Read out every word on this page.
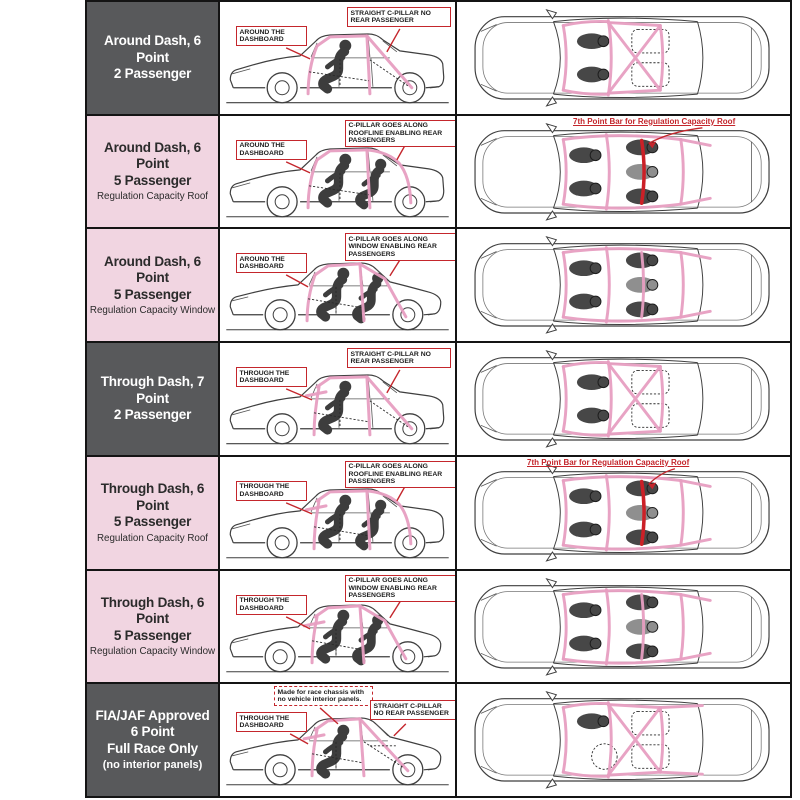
Around Dash, 6 Point
2 Passenger
AROUND THE DASHBOARD
STRAIGHT C-PILLAR NO REAR PASSENGER
Around Dash, 6 Point
5 Passenger
Regulation Capacity Roof
AROUND THE DASHBOARD
C-PILLAR GOES ALONG ROOFLINE ENABLING REAR PASSENGERS
7th Point Bar for Regulation Capacity Roof
Around Dash, 6 Point
5 Passenger
Regulation Capacity Window
AROUND THE DASHBOARD
C-PILLAR GOES ALONG WINDOW ENABLING REAR PASSENGERS
Through Dash, 7 Point
2 Passenger
THROUGH THE DASHBOARD
STRAIGHT C-PILLAR NO REAR PASSENGER
Through Dash, 6 Point
5 Passenger
Regulation Capacity Roof
THROUGH THE DASHBOARD
C-PILLAR GOES ALONG ROOFLINE ENABLING REAR PASSENGERS
7th Point Bar for Regulation Capacity Roof
Through Dash, 6 Point
5 Passenger
Regulation Capacity Window
THROUGH THE DASHBOARD
C-PILLAR GOES ALONG WINDOW ENABLING REAR PASSENGERS
FIA/JAF Approved
6 Point
Full Race Only
(no interior panels)
Made for race chassis with no vehicle interior panels.
STRAIGHT C-PILLAR NO REAR PASSENGER
THROUGH THE DASHBOARD
